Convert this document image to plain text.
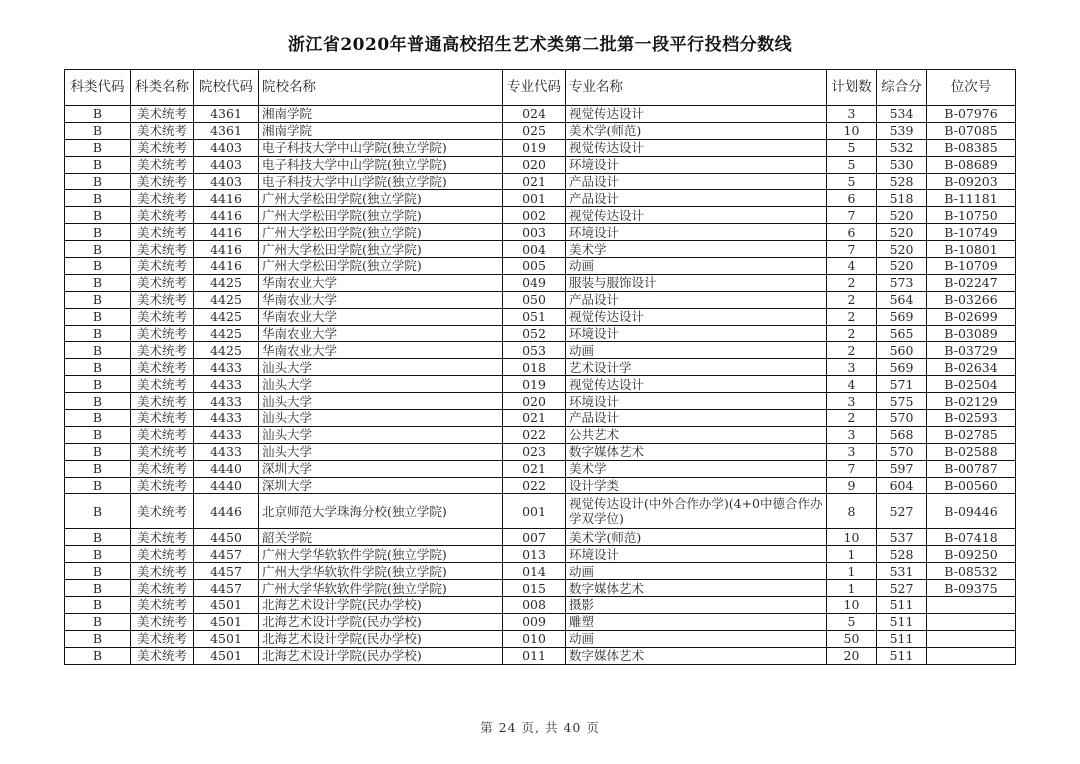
浙江省2020年普通高校招生艺术类第二批第一段平行投档分数线
科类代码	科类名称	院校代码	院校名称	专业代码	专业名称	计划数	综合分	位次号
B	美术统考	4361	湘南学院	024	视觉传达设计	3	534	B-07976
B	美术统考	4361	湘南学院	025	美术学(师范)	10	539	B-07085
B	美术统考	4403	电子科技大学中山学院(独立学院)	019	视觉传达设计	5	532	B-08385
B	美术统考	4403	电子科技大学中山学院(独立学院)	020	环境设计	5	530	B-08689
B	美术统考	4403	电子科技大学中山学院(独立学院)	021	产品设计	5	528	B-09203
B	美术统考	4416	广州大学松田学院(独立学院)	001	产品设计	6	518	B-11181
B	美术统考	4416	广州大学松田学院(独立学院)	002	视觉传达设计	7	520	B-10750
B	美术统考	4416	广州大学松田学院(独立学院)	003	环境设计	6	520	B-10749
B	美术统考	4416	广州大学松田学院(独立学院)	004	美术学	7	520	B-10801
B	美术统考	4416	广州大学松田学院(独立学院)	005	动画	4	520	B-10709
B	美术统考	4425	华南农业大学	049	服装与服饰设计	2	573	B-02247
B	美术统考	4425	华南农业大学	050	产品设计	2	564	B-03266
B	美术统考	4425	华南农业大学	051	视觉传达设计	2	569	B-02699
B	美术统考	4425	华南农业大学	052	环境设计	2	565	B-03089
B	美术统考	4425	华南农业大学	053	动画	2	560	B-03729
B	美术统考	4433	汕头大学	018	艺术设计学	3	569	B-02634
B	美术统考	4433	汕头大学	019	视觉传达设计	4	571	B-02504
B	美术统考	4433	汕头大学	020	环境设计	3	575	B-02129
B	美术统考	4433	汕头大学	021	产品设计	2	570	B-02593
B	美术统考	4433	汕头大学	022	公共艺术	3	568	B-02785
B	美术统考	4433	汕头大学	023	数字媒体艺术	3	570	B-02588
B	美术统考	4440	深圳大学	021	美术学	7	597	B-00787
B	美术统考	4440	深圳大学	022	设计学类	9	604	B-00560
B	美术统考	4446	北京师范大学珠海分校(独立学院)	001	视觉传达设计(中外合作办学)(4+0中德合作办学双学位)	8	527	B-09446
B	美术统考	4450	韶关学院	007	美术学(师范)	10	537	B-07418
B	美术统考	4457	广州大学华软软件学院(独立学院)	013	环境设计	1	528	B-09250
B	美术统考	4457	广州大学华软软件学院(独立学院)	014	动画	1	531	B-08532
B	美术统考	4457	广州大学华软软件学院(独立学院)	015	数字媒体艺术	1	527	B-09375
B	美术统考	4501	北海艺术设计学院(民办学校)	008	摄影	10	511	
B	美术统考	4501	北海艺术设计学院(民办学校)	009	雕塑	5	511	
B	美术统考	4501	北海艺术设计学院(民办学校)	010	动画	50	511	
B	美术统考	4501	北海艺术设计学院(民办学校)	011	数字媒体艺术	20	511	
第 24 页, 共 40 页
